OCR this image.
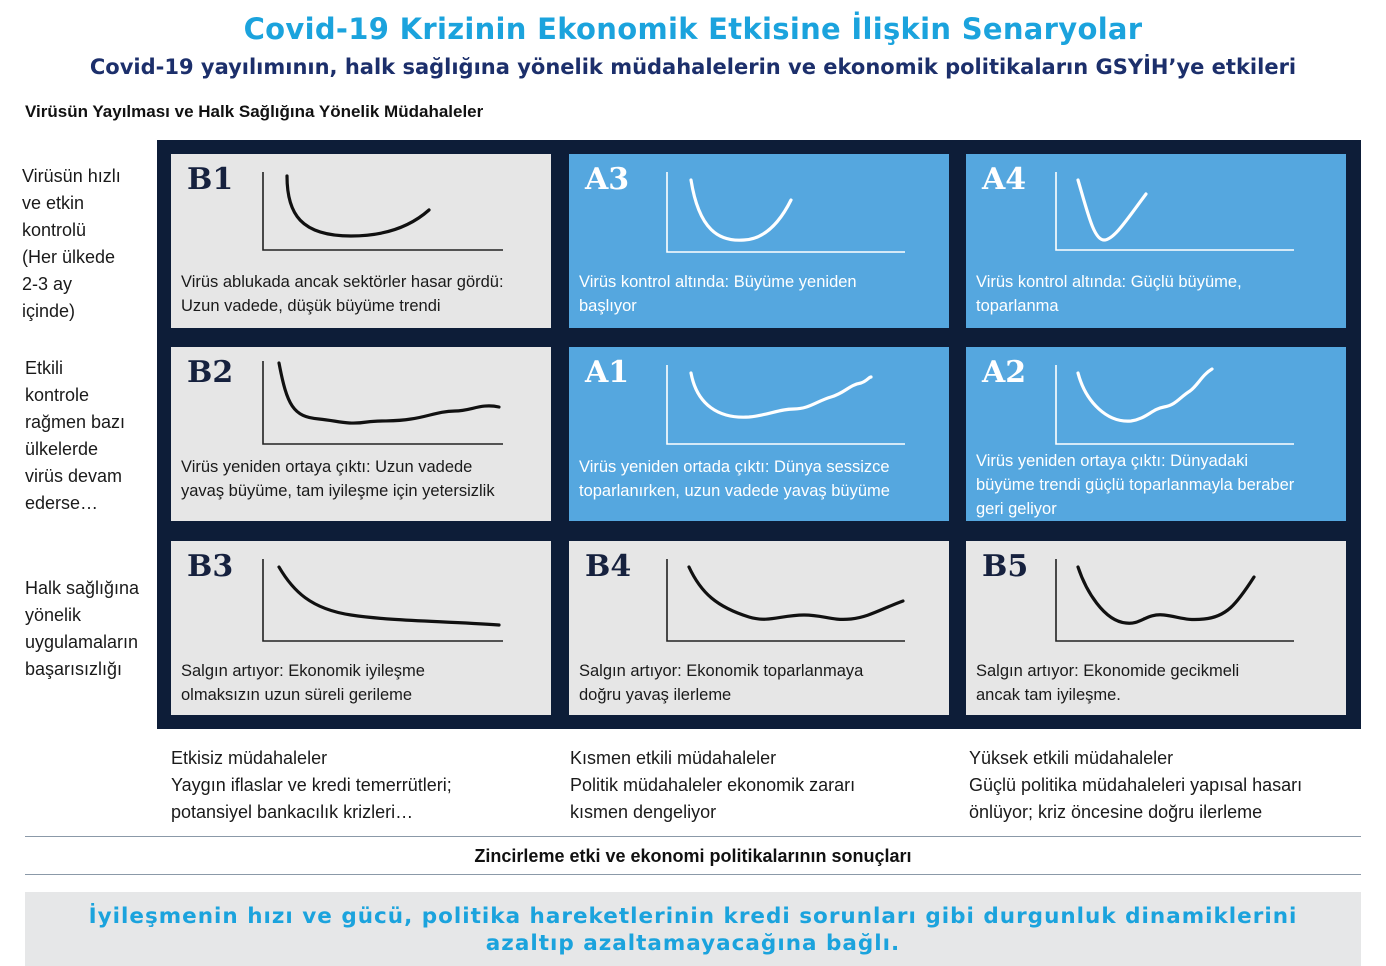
Covid-19 Krizinin Ekonomik Etkisine İlişkin Senaryolar
Covid-19 yayılımının, halk sağlığına yönelik müdahalelerin ve ekonomik politikaların GSYİH’ye etkileri
Virüsün Yayılması ve Halk Sağlığına Yönelik Müdahaleler
Virüsün hızlı
ve etkin
kontrolü
(Her ülkede
2-3 ay
içinde)
Etkili
kontrole
rağmen bazı
ülkelerde
virüs devam
ederse…
Halk sağlığına
yönelik
uygulamaların
başarısızlığı
B1
Virüs ablukada ancak sektörler hasar gördü:
Uzun vadede, düşük büyüme trendi
A3
Virüs kontrol altında: Büyüme yeniden
başlıyor
A4
Virüs kontrol altında: Güçlü büyüme,
toparlanma
B2
Virüs yeniden ortaya çıktı: Uzun vadede
yavaş büyüme, tam iyileşme için yetersizlik
A1
Virüs yeniden ortada çıktı: Dünya sessizce
toparlanırken, uzun vadede yavaş büyüme
A2
Virüs yeniden ortaya çıktı: Dünyadaki
büyüme trendi güçlü toparlanmayla beraber
geri geliyor
B3
Salgın artıyor: Ekonomik iyileşme
olmaksızın uzun süreli gerileme
B4
Salgın artıyor: Ekonomik toparlanmaya
doğru yavaş ilerleme
B5
Salgın artıyor: Ekonomide gecikmeli
ancak tam iyileşme.
Etkisiz müdahaleler
Yaygın iflaslar ve kredi temerrütleri;
potansiyel bankacılık krizleri…
Kısmen etkili müdahaleler
Politik müdahaleler ekonomik zararı
kısmen dengeliyor
Yüksek etkili müdahaleler
Güçlü politika müdahaleleri yapısal hasarı
önlüyor; kriz öncesine doğru ilerleme
Zincirleme etki ve ekonomi politikalarının sonuçları
İyileşmenin hızı ve gücü, politika hareketlerinin kredi sorunları gibi durgunluk dinamiklerini
azaltıp azaltamayacağına bağlı.
